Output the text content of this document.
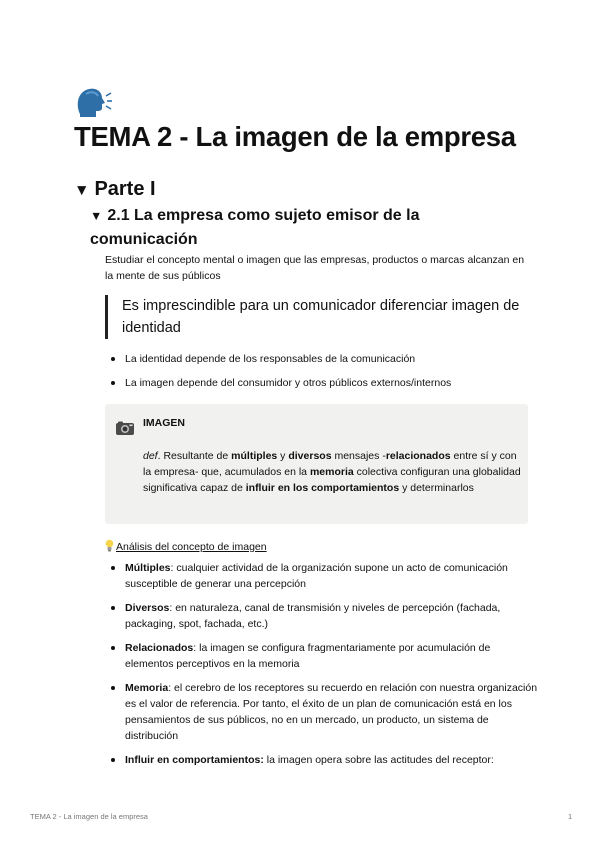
TEMA 2 - La imagen de la empresa
▼ Parte I
▼ 2.1 La empresa como sujeto emisor de la comunicación

Estudiar el concepto mental o imagen que las empresas, productos o marcas alcanzan en la mente de sus públicos

Es imprescindible para un comunicador diferenciar imagen de identidad
La identidad depende de los responsables de la comunicación
La imagen depende del consumidor y otros públicos externos/internos
IMAGEN

def. Resultante de múltiples y diversos mensajes -relacionados entre sí y con la empresa- que, acumulados en la memoria colectiva configuran una globalidad significativa capaz de influir en los comportamientos y determinarlos

Análisis del concepto de imagen
Múltiples: cualquier actividad de la organización supone un acto de comunicación susceptible de generar una percepción
Diversos: en naturaleza, canal de transmisión y niveles de percepción (fachada, packaging, spot, fachada, etc.)
Relacionados: la imagen se configura fragmentariamente por acumulación de elementos perceptivos en la memoria
Memoria: el cerebro de los receptores su recuerdo en relación con nuestra organización es el valor de referencia. Por tanto, el éxito de un plan de comunicación está en los pensamientos de sus públicos, no en un mercado, un producto, un sistema de distribución
Influir en comportamientos: la imagen opera sobre las actitudes del receptor:
TEMA 2 - La imagen de la empresa	1
